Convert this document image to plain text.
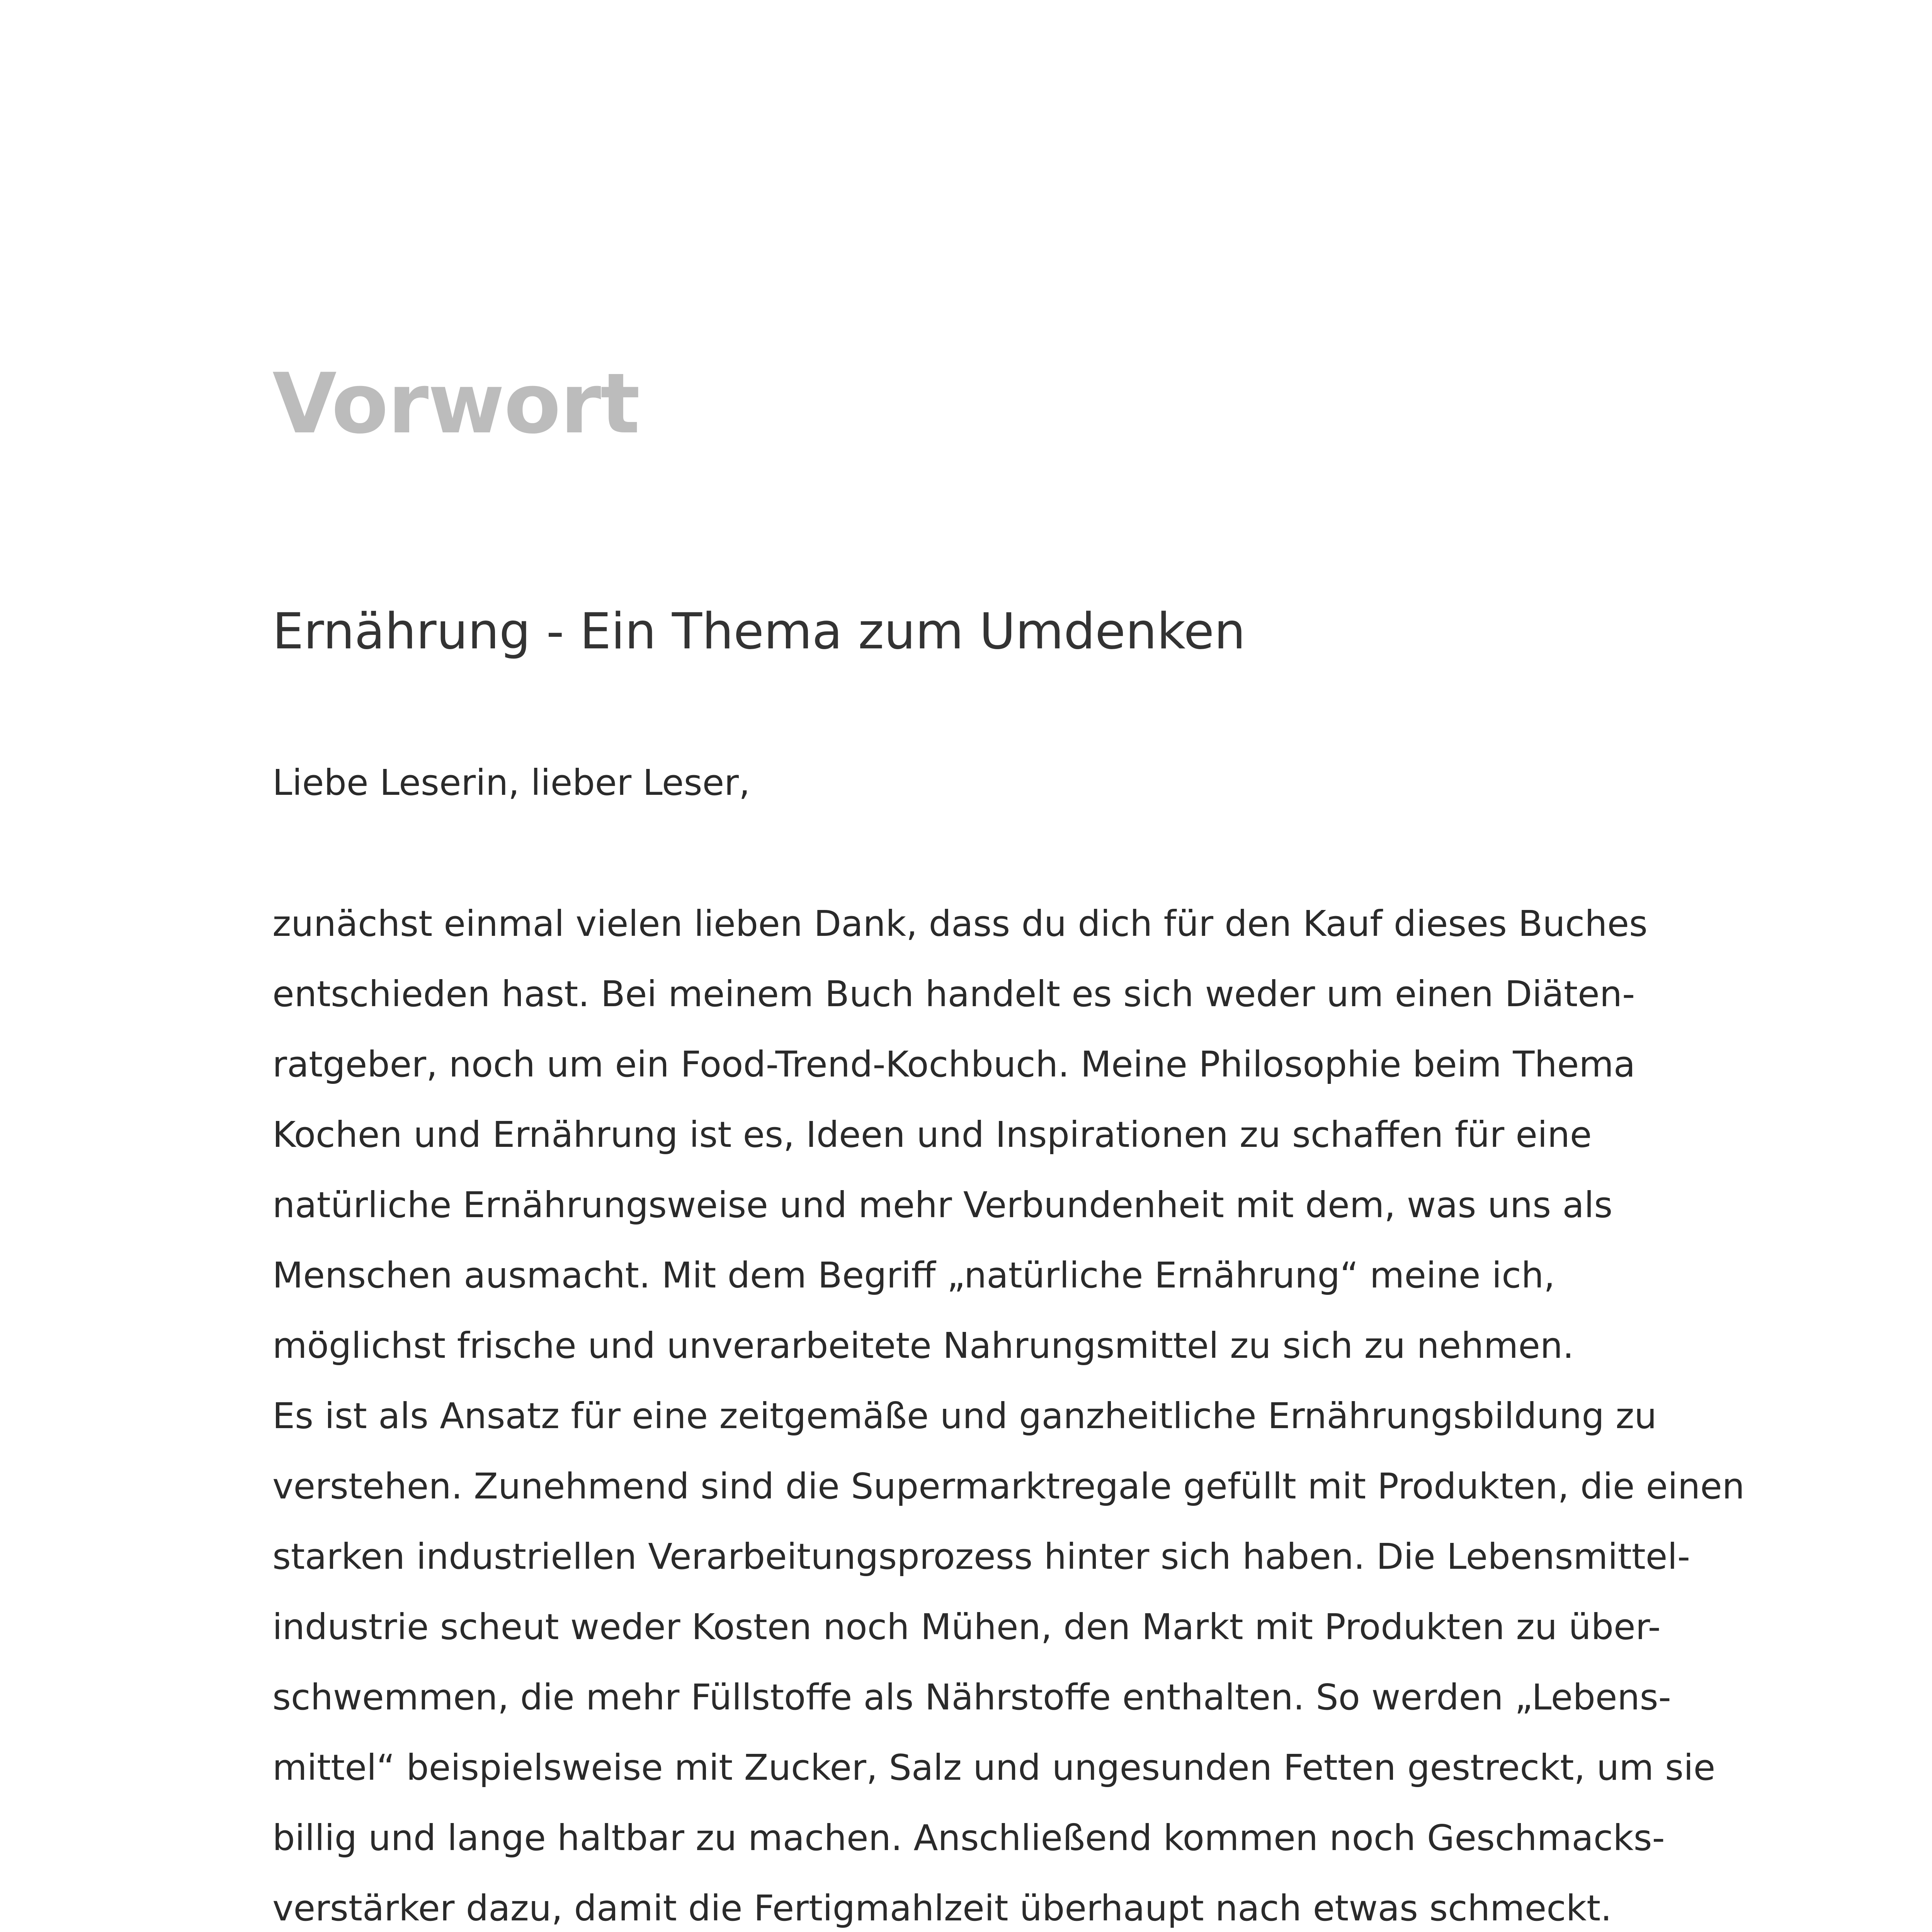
Vorwort
Ernährung - Ein Thema zum Umdenken

Liebe Leserin, lieber Leser,

zunächst einmal vielen lieben Dank, dass du dich für den Kauf dieses Buches
entschieden hast. Bei meinem Buch handelt es sich weder um einen Diäten-
ratgeber, noch um ein Food-Trend-Kochbuch. Meine Philosophie beim Thema
Kochen und Ernährung ist es, Ideen und Inspirationen zu schaffen für eine
natürliche Ernährungsweise und mehr Verbundenheit mit dem, was uns als
Menschen ausmacht. Mit dem Begriff „natürliche Ernährung“ meine ich,
möglichst frische und unverarbeitete Nahrungsmittel zu sich zu nehmen.
Es ist als Ansatz für eine zeitgemäße und ganzheitliche Ernährungsbildung zu
verstehen. Zunehmend sind die Supermarktregale gefüllt mit Produkten, die einen
starken industriellen Verarbeitungsprozess hinter sich haben. Die Lebensmittel-
industrie scheut weder Kosten noch Mühen, den Markt mit Produkten zu über-
schwemmen, die mehr Füllstoffe als Nährstoffe enthalten. So werden „Lebens-
mittel“ beispielsweise mit Zucker, Salz und ungesunden Fetten gestreckt, um sie
billig und lange haltbar zu machen. Anschließend kommen noch Geschmacks-
verstärker dazu, damit die Fertigmahlzeit überhaupt nach etwas schmeckt.
